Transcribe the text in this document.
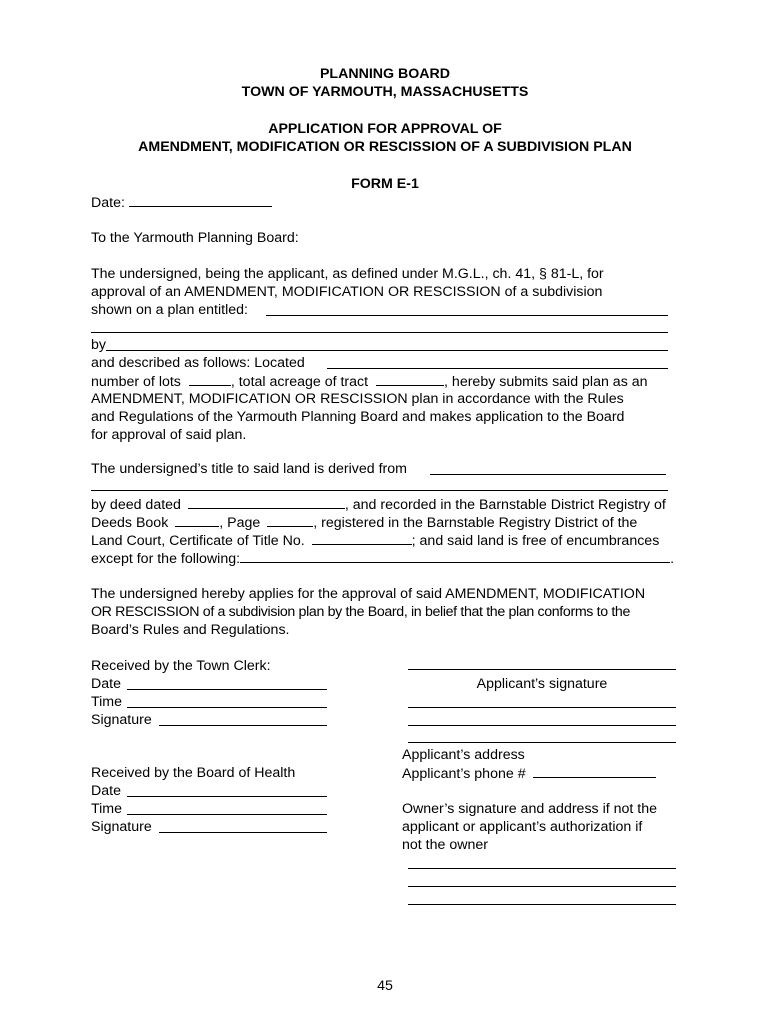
PLANNING BOARD
TOWN OF YARMOUTH, MASSACHUSETTS
APPLICATION FOR APPROVAL OF
AMENDMENT, MODIFICATION OR RESCISSION OF A SUBDIVISION PLAN
FORM E-1
Date:
To the Yarmouth Planning Board:
The undersigned, being the applicant, as defined under M.G.L., ch. 41, § 81-L, for
approval of an AMENDMENT, MODIFICATION OR RESCISSION of a subdivision
shown on a plan entitled:
by
and described as follows: Located
number of lots	, total acreage of tract	, hereby submits said plan as an
AMENDMENT, MODIFICATION OR RESCISSION plan in accordance with the Rules
and Regulations of the Yarmouth Planning Board and makes application to the Board
for approval of said plan.
The undersigned’s title to said land is derived from
by deed dated	, and recorded in the Barnstable District Registry of
Deeds Book	, Page	, registered in the Barnstable Registry District of the
Land Court, Certificate of Title No.	; and said land is free of encumbrances
except for the following:	.
The undersigned hereby applies for the approval of said AMENDMENT, MODIFICATION
OR RESCISSION of a subdivision plan by the Board, in belief that the plan conforms to the
Board’s Rules and Regulations.
Received by the Town Clerk:
Date
Time
Signature
Received by the Board of Health
Date
Time
Signature
Applicant’s signature
Applicant’s address
Applicant’s phone #
Owner’s signature and address if not the
applicant or applicant’s authorization if
not the owner
45
